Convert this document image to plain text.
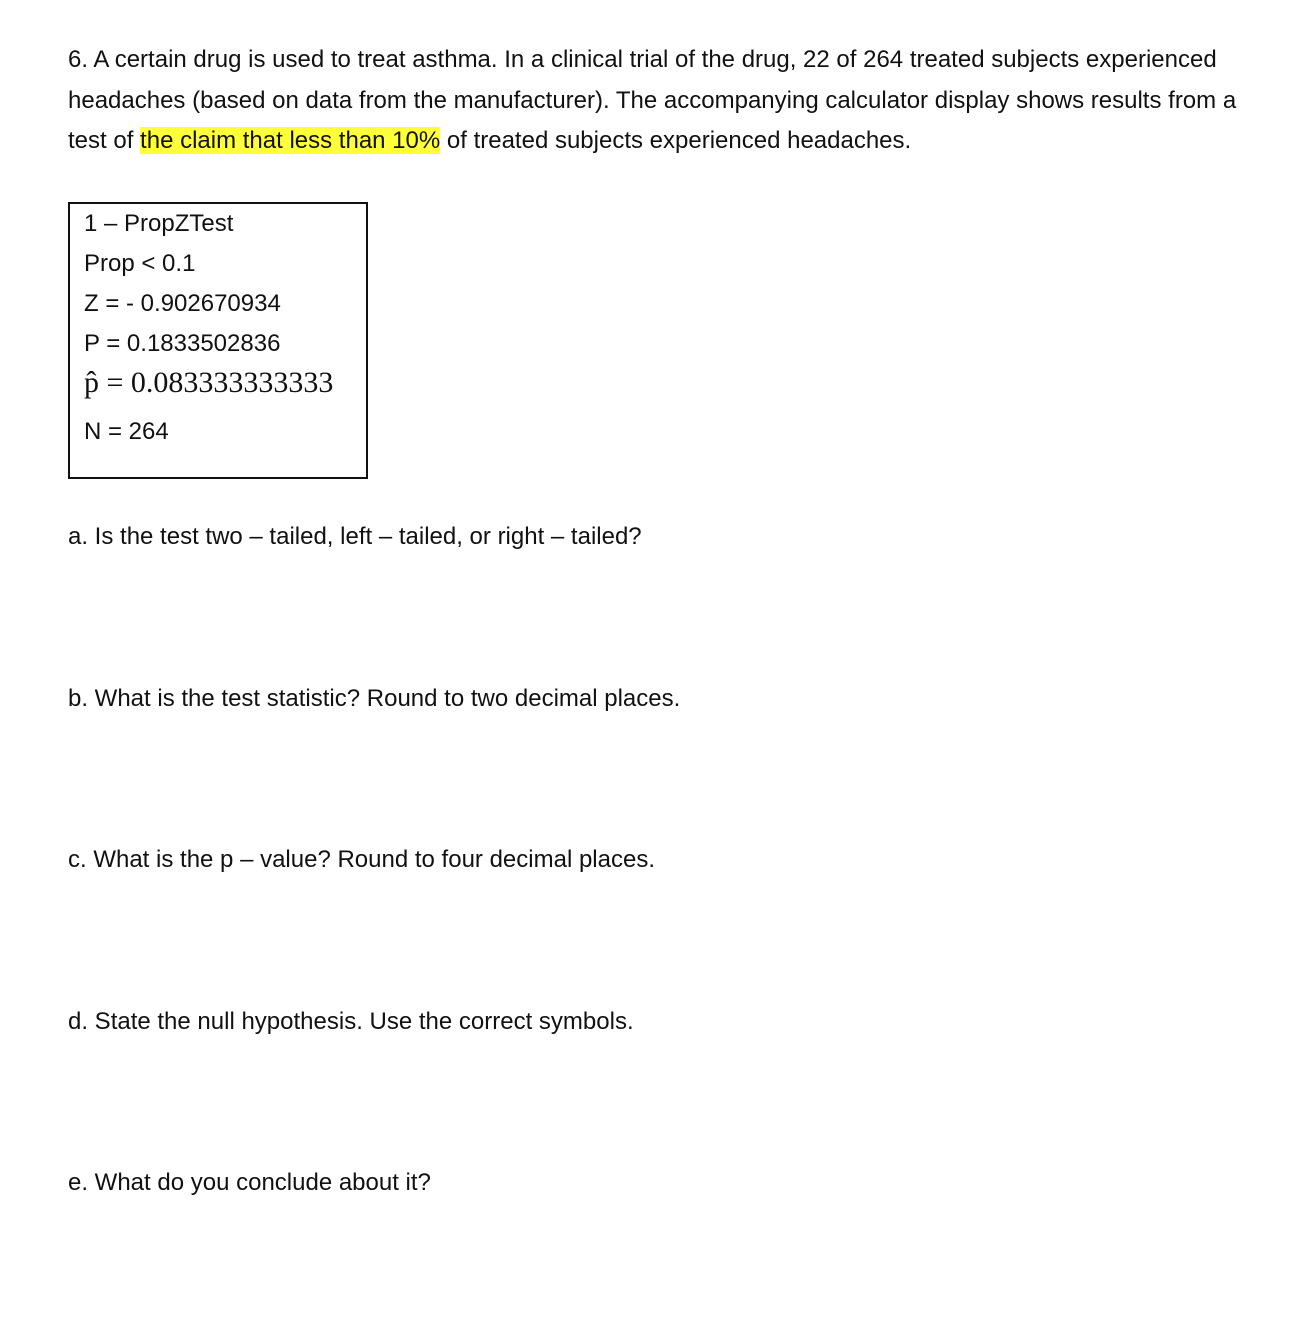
6. A certain drug is used to treat asthma. In a clinical trial of the drug, 22 of 264 treated subjects experienced headaches (based on data from the manufacturer). The accompanying calculator display shows results from a test of the claim that less than 10% of treated subjects experienced headaches.

1 – PropZTest
Prop < 0.1
Z = - 0.902670934
P = 0.1833502836
p̂ = 0.083333333333
N = 264

a. Is the test two – tailed, left – tailed, or right – tailed?

b. What is the test statistic? Round to two decimal places.

c. What is the p – value? Round to four decimal places.

d. State the null hypothesis. Use the correct symbols.

e. What do you conclude about it?
